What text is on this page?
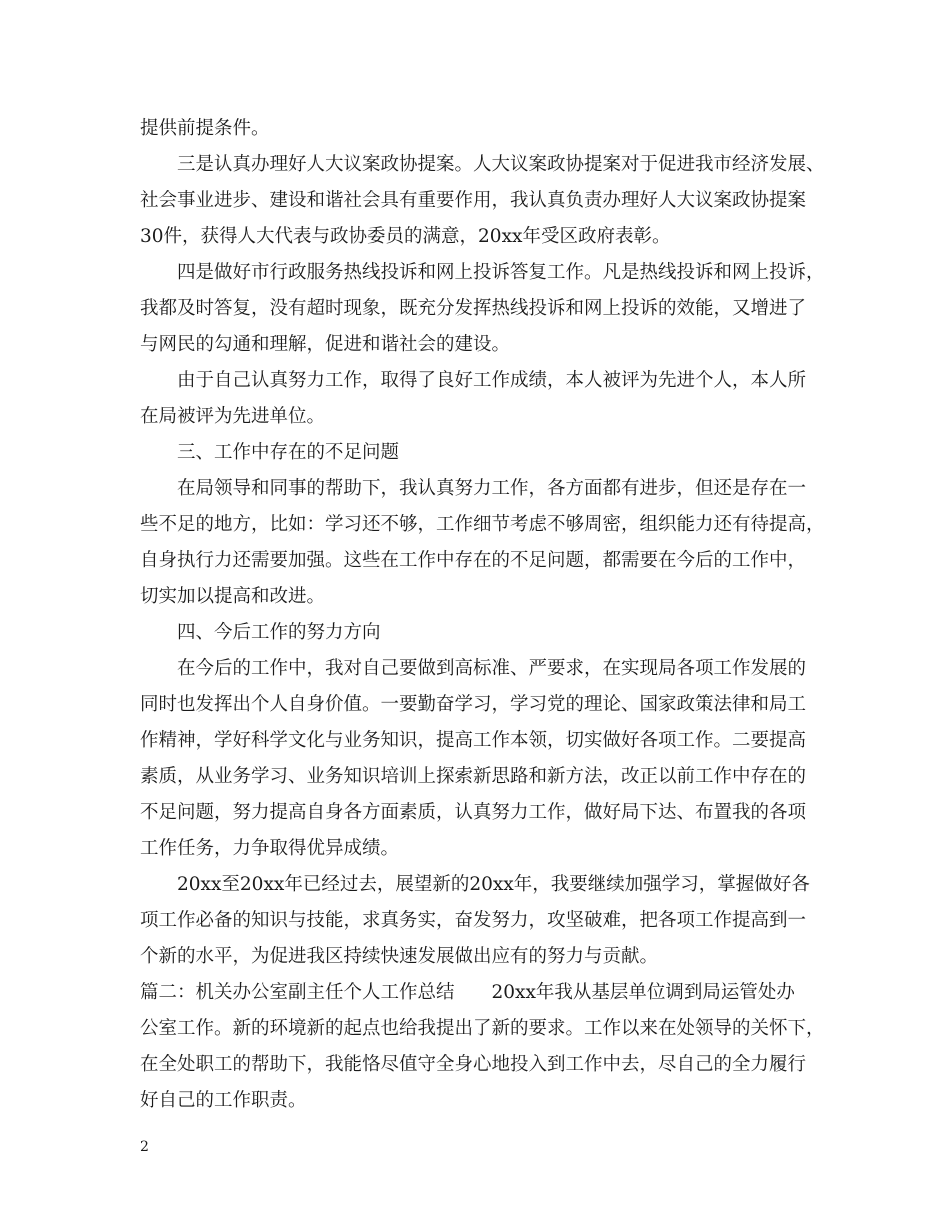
提供前提条件。
三是认真办理好人大议案政协提案。人大议案政协提案对于促进我市经济发展、
社会事业进步、建设和谐社会具有重要作用，我认真负责办理好人大议案政协提案
30件，获得人大代表与政协委员的满意，20xx年受区政府表彰。
四是做好市行政服务热线投诉和网上投诉答复工作。凡是热线投诉和网上投诉，
我都及时答复，没有超时现象，既充分发挥热线投诉和网上投诉的效能，又增进了
与网民的勾通和理解，促进和谐社会的建设。
由于自己认真努力工作，取得了良好工作成绩，本人被评为先进个人，本人所
在局被评为先进单位。
三、工作中存在的不足问题
在局领导和同事的帮助下，我认真努力工作，各方面都有进步，但还是存在一
些不足的地方，比如：学习还不够，工作细节考虑不够周密，组织能力还有待提高，
自身执行力还需要加强。这些在工作中存在的不足问题，都需要在今后的工作中，
切实加以提高和改进。
四、今后工作的努力方向
在今后的工作中，我对自己要做到高标准、严要求，在实现局各项工作发展的
同时也发挥出个人自身价值。一要勤奋学习，学习党的理论、国家政策法律和局工
作精神，学好科学文化与业务知识，提高工作本领，切实做好各项工作。二要提高
素质，从业务学习、业务知识培训上探索新思路和新方法，改正以前工作中存在的
不足问题，努力提高自身各方面素质，认真努力工作，做好局下达、布置我的各项
工作任务，力争取得优异成绩。
20xx至20xx年已经过去，展望新的20xx年，我要继续加强学习，掌握做好各
项工作必备的知识与技能，求真务实，奋发努力，攻坚破难，把各项工作提高到一
个新的水平，为促进我区持续快速发展做出应有的努力与贡献。
篇二：机关办公室副主任个人工作总结　　20xx年我从基层单位调到局运管处办
公室工作。新的环境新的起点也给我提出了新的要求。工作以来在处领导的关怀下，
在全处职工的帮助下，我能恪尽值守全身心地投入到工作中去，尽自己的全力履行
好自己的工作职责。
2
